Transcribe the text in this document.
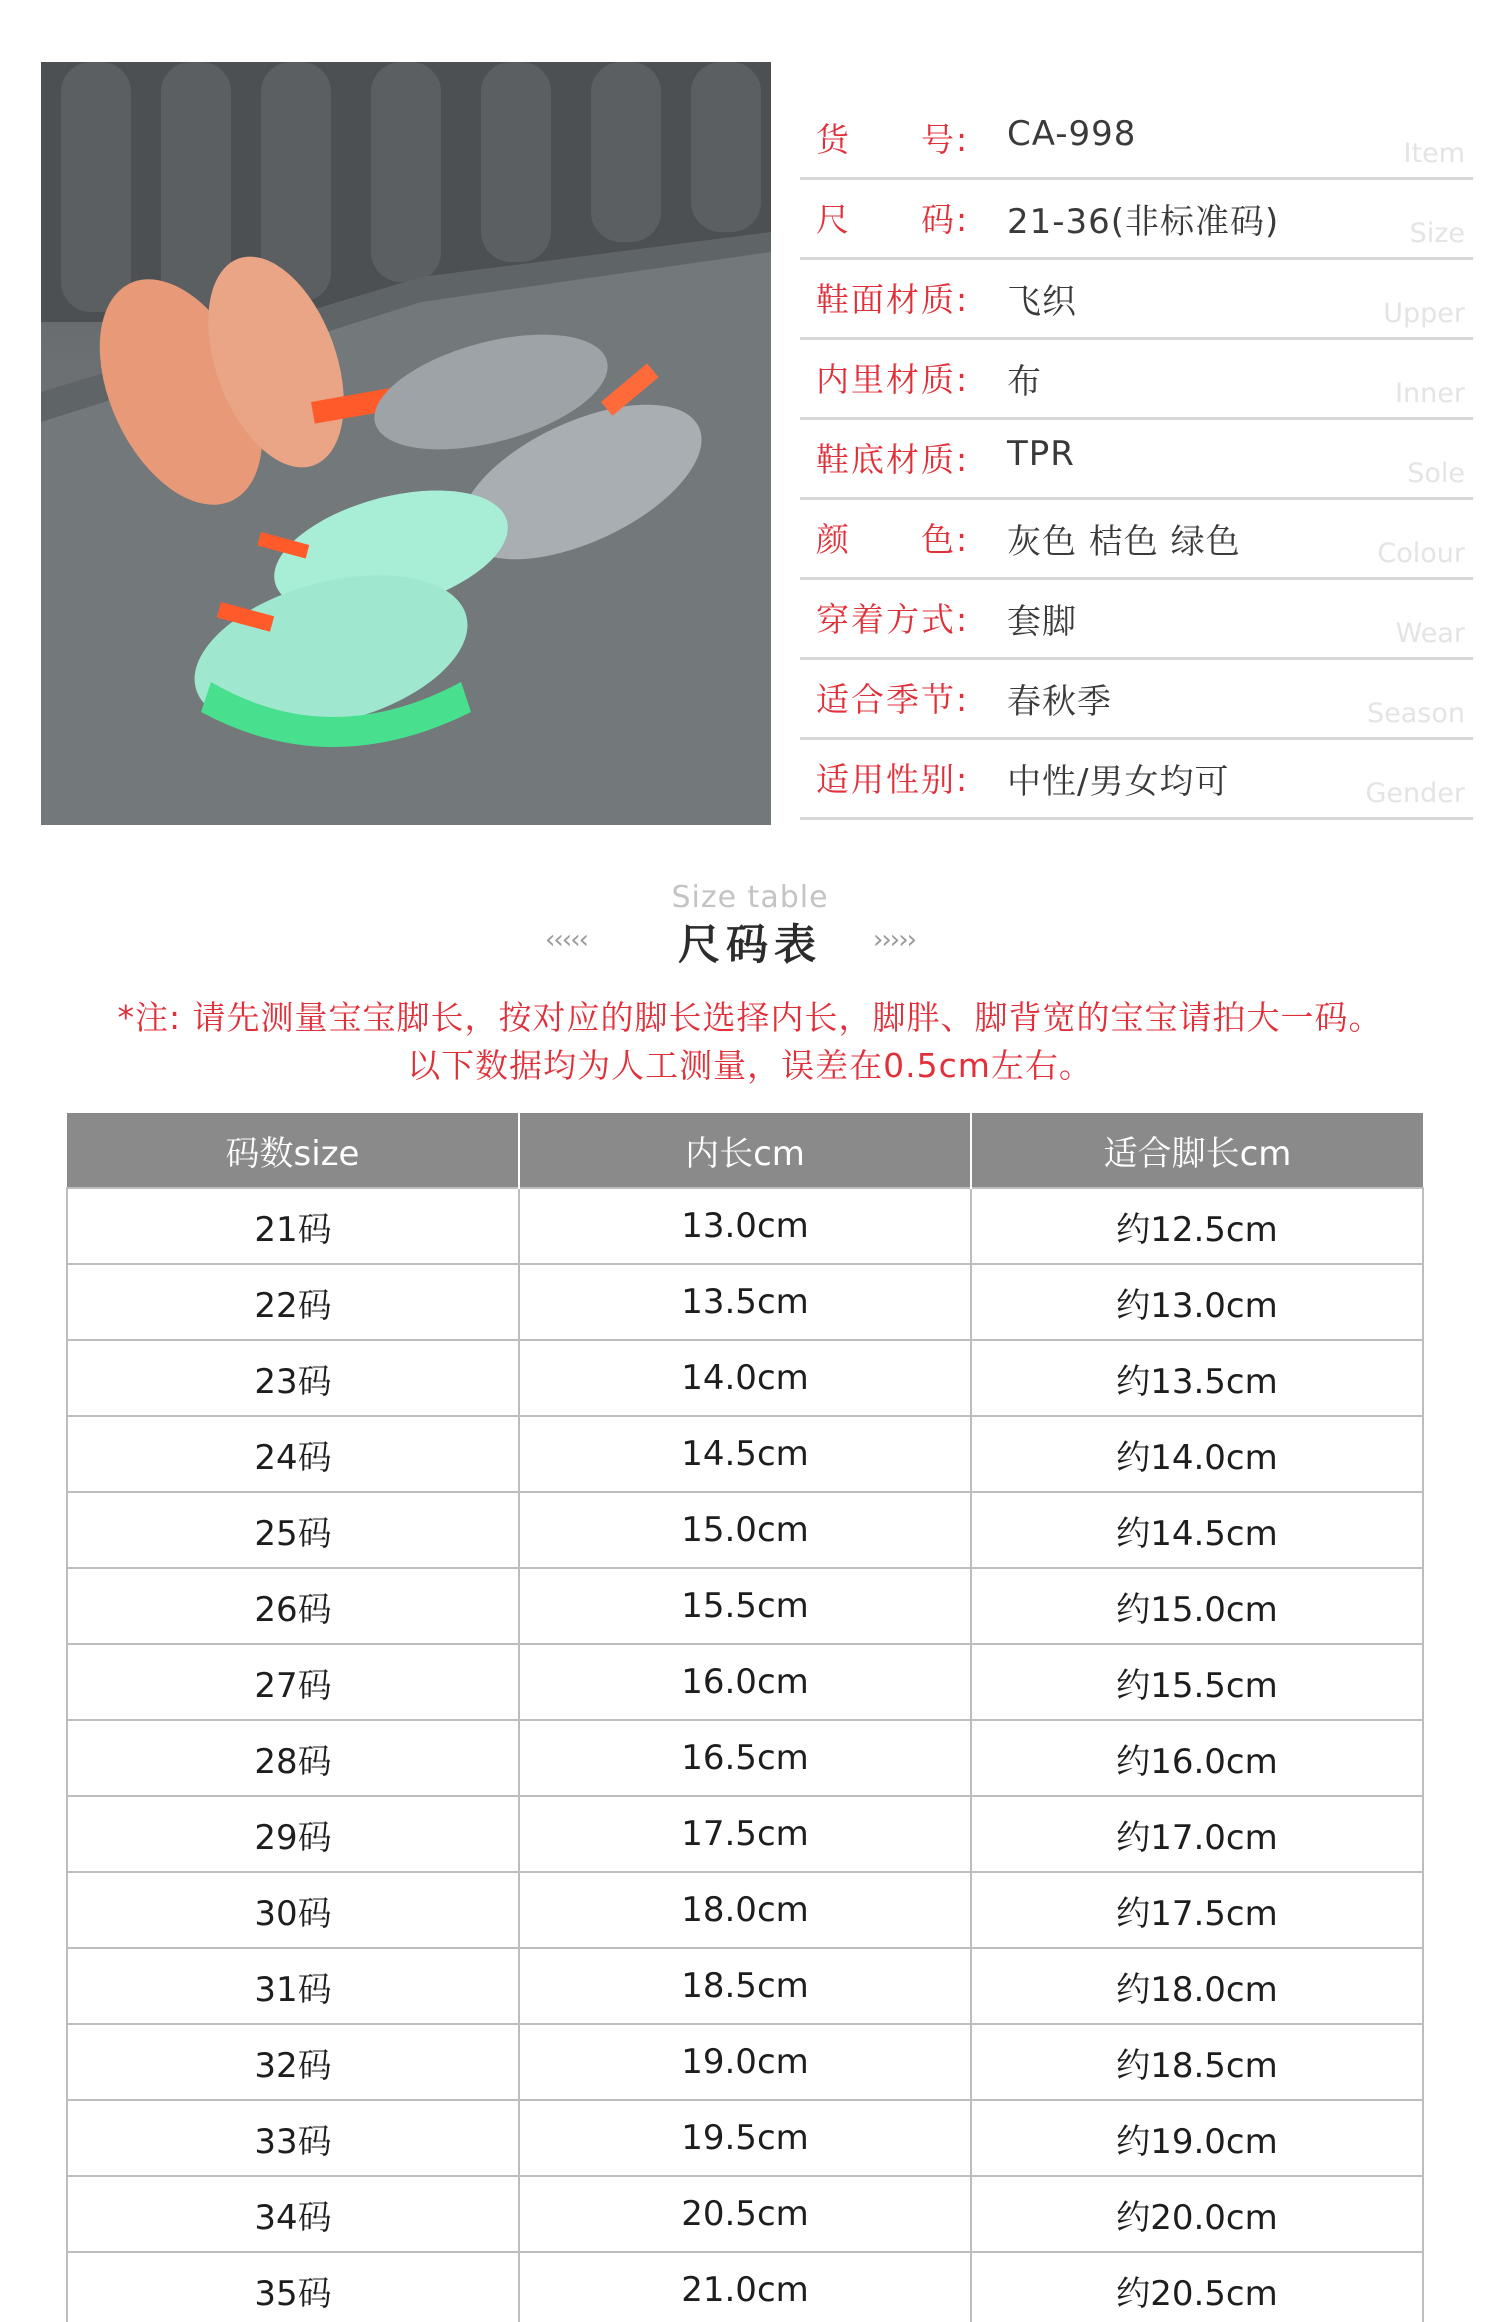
货　　号: CA-998	Item
尺　　码: 21-36(非标准码)	Size
鞋面材质: 飞织	Upper
内里材质: 布	Inner
鞋底材质: TPR	Sole
颜　　色: 灰色 桔色 绿色	Colour
穿着方式: 套脚	Wear
适合季节: 春秋季	Season
适用性别: 中性/男女均可	Gender
Size table
‹‹‹‹‹	尺码表	›››››
*注: 请先测量宝宝脚长，按对应的脚长选择内长，脚胖、脚背宽的宝宝请拍大一码。
以下数据均为人工测量，误差在0.5cm左右。
码数size	内长cm	适合脚长cm
21码	13.0cm	约12.5cm
22码	13.5cm	约13.0cm
23码	14.0cm	约13.5cm
24码	14.5cm	约14.0cm
25码	15.0cm	约14.5cm
26码	15.5cm	约15.0cm
27码	16.0cm	约15.5cm
28码	16.5cm	约16.0cm
29码	17.5cm	约17.0cm
30码	18.0cm	约17.5cm
31码	18.5cm	约18.0cm
32码	19.0cm	约18.5cm
33码	19.5cm	约19.0cm
34码	20.5cm	约20.0cm
35码	21.0cm	约20.5cm
